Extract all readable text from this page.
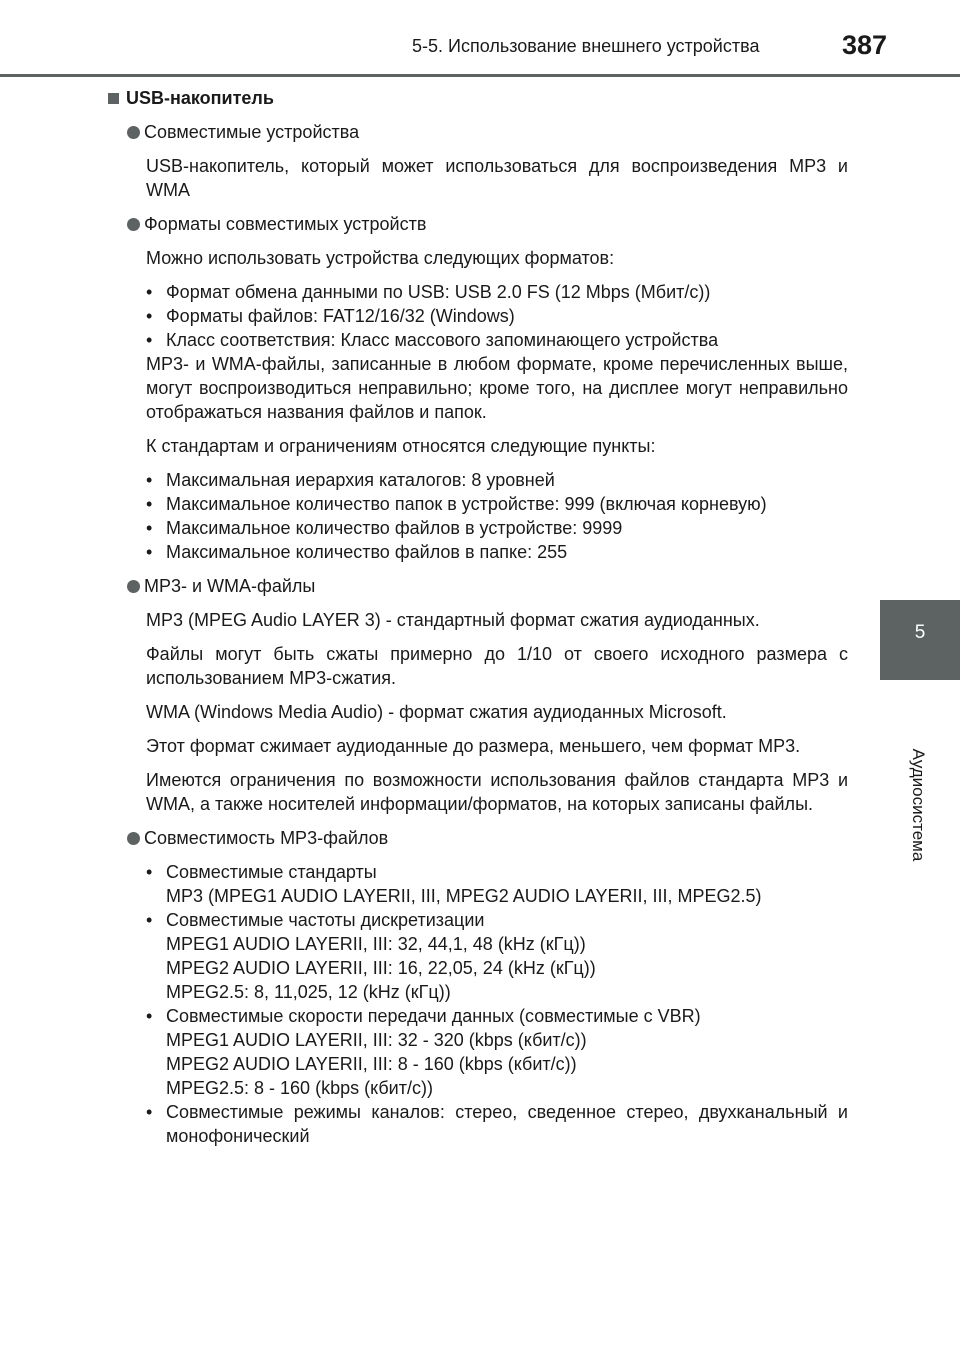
5-5. Использование внешнего устройства	387
5
Аудиосистема
USB-накопитель
Совместимые устройства
USB-накопитель, который может использоваться для воспроизведения MP3 и WMA
Форматы совместимых устройств
Можно использовать устройства следующих форматов:
• Формат обмена данными по USB: USB 2.0 FS (12 Mbps (Мбит/с))
• Форматы файлов: FAT12/16/32 (Windows)
• Класс соответствия: Класс массового запоминающего устройства
MP3- и WMA-файлы, записанные в любом формате, кроме перечисленных выше, могут воспроизводиться неправильно; кроме того, на дисплее могут неправильно отображаться названия файлов и папок.
К стандартам и ограничениям относятся следующие пункты:
• Максимальная иерархия каталогов: 8 уровней
• Максимальное количество папок в устройстве: 999 (включая корневую)
• Максимальное количество файлов в устройстве: 9999
• Максимальное количество файлов в папке: 255
MP3- и WMA-файлы
MP3 (MPEG Audio LAYER 3) - стандартный формат сжатия аудиоданных.
Файлы могут быть сжаты примерно до 1/10 от своего исходного размера с использованием MP3-сжатия.
WMA (Windows Media Audio) - формат сжатия аудиоданных Microsoft.
Этот формат сжимает аудиоданные до размера, меньшего, чем формат MP3.
Имеются ограничения по возможности использования файлов стандарта MP3 и WMA, а также носителей информации/форматов, на которых записаны файлы.
Совместимость MP3-файлов
• Совместимые стандарты
MP3 (MPEG1 AUDIO LAYERII, III, MPEG2 AUDIO LAYERII, III, MPEG2.5)
• Совместимые частоты дискретизации
MPEG1 AUDIO LAYERII, III: 32, 44,1, 48 (kHz (кГц))
MPEG2 AUDIO LAYERII, III: 16, 22,05, 24 (kHz (кГц))
MPEG2.5: 8, 11,025, 12 (kHz (кГц))
• Совместимые скорости передачи данных (совместимые с VBR)
MPEG1 AUDIO LAYERII, III: 32 - 320 (kbps (кбит/с))
MPEG2 AUDIO LAYERII, III: 8 - 160 (kbps (кбит/с))
MPEG2.5: 8 - 160 (kbps (кбит/с))
• Совместимые режимы каналов: стерео, сведенное стерео, двухканальный и монофонический
